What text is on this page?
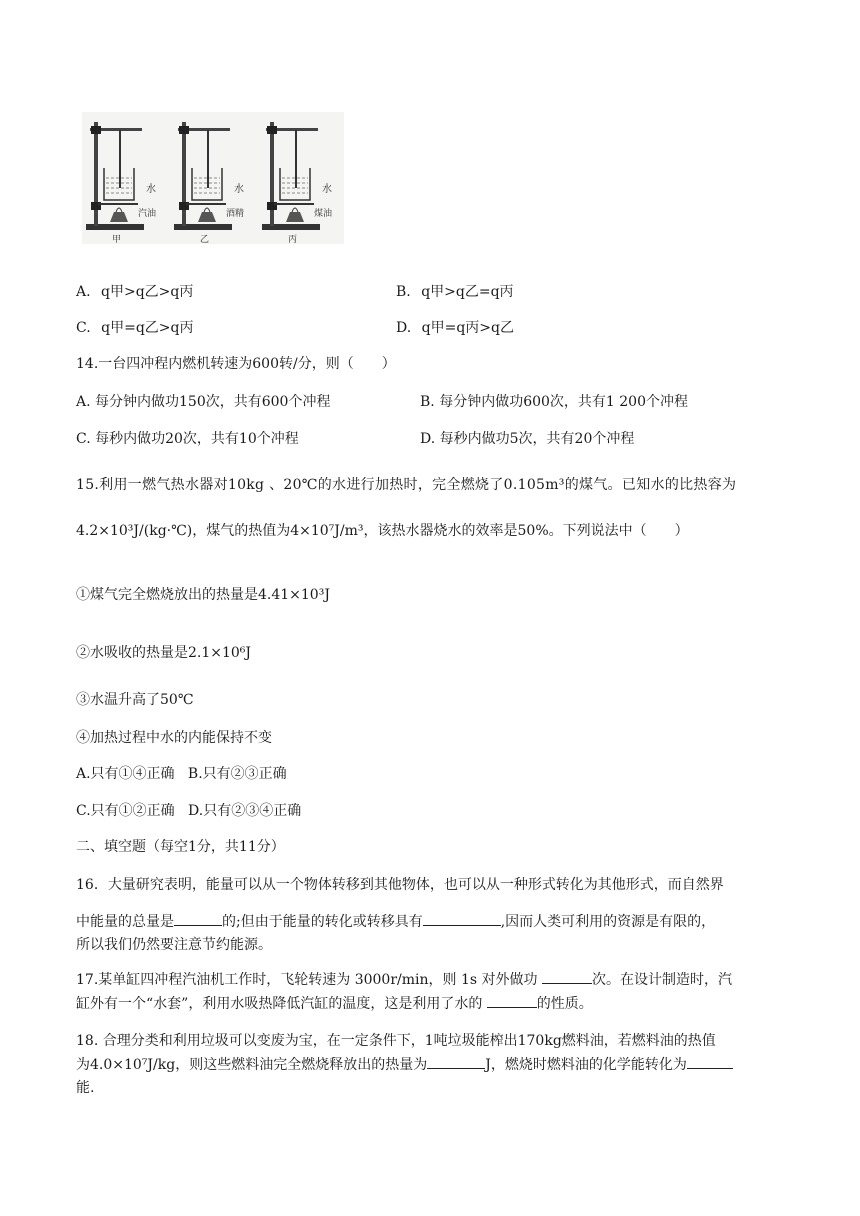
水
汽油
甲
水
酒精
乙
水
煤油
丙
A. q甲>q乙>q丙	B. q甲>q乙=q丙
C. q甲=q乙>q丙	D. q甲=q丙>q乙
14.一台四冲程内燃机转速为600转/分，则（　　）
A. 每分钟内做功150次，共有600个冲程	B. 每分钟内做功600次，共有1 200个冲程
C. 每秒内做功20次，共有10个冲程	D. 每秒内做功5次，共有20个冲程
15.利用一燃气热水器对10kg 、20℃的水进行加热时，完全燃烧了0.105m³的煤气。已知水的比热容为
4.2×10³J/(kg·℃)，煤气的热值为4×10⁷J/m³，该热水器烧水的效率是50%。下列说法中（　　）
①煤气完全燃烧放出的热量是4.41×10³J
②水吸收的热量是2.1×10⁶J
③水温升高了50℃
④加热过程中水的内能保持不变
A.只有①④正确   B.只有②③正确
C.只有①②正确   D.只有②③④正确
二、填空题（每空1分，共11分）
16．大量研究表明，能量可以从一个物体转移到其他物体，也可以从一种形式转化为其他形式，而自然界
中能量的总量是	的;但由于能量的转化或转移具有	,因而人类可利用的资源是有限的，
所以我们仍然要注意节约能源。
17.某单缸四冲程汽油机工作时，飞轮转速为 3000r/min，则 1s 对外做功	次。在设计制造时，汽
缸外有一个“水套”，利用水吸热降低汽缸的温度，这是利用了水的	的性质。
18. 合理分类和利用垃圾可以变废为宝，在一定条件下，1吨垃圾能榨出170kg燃料油，若燃料油的热值
为4.0×10⁷J/kg，则这些燃料油完全燃烧释放出的热量为	J，燃烧时燃料油的化学能转化为
能.
